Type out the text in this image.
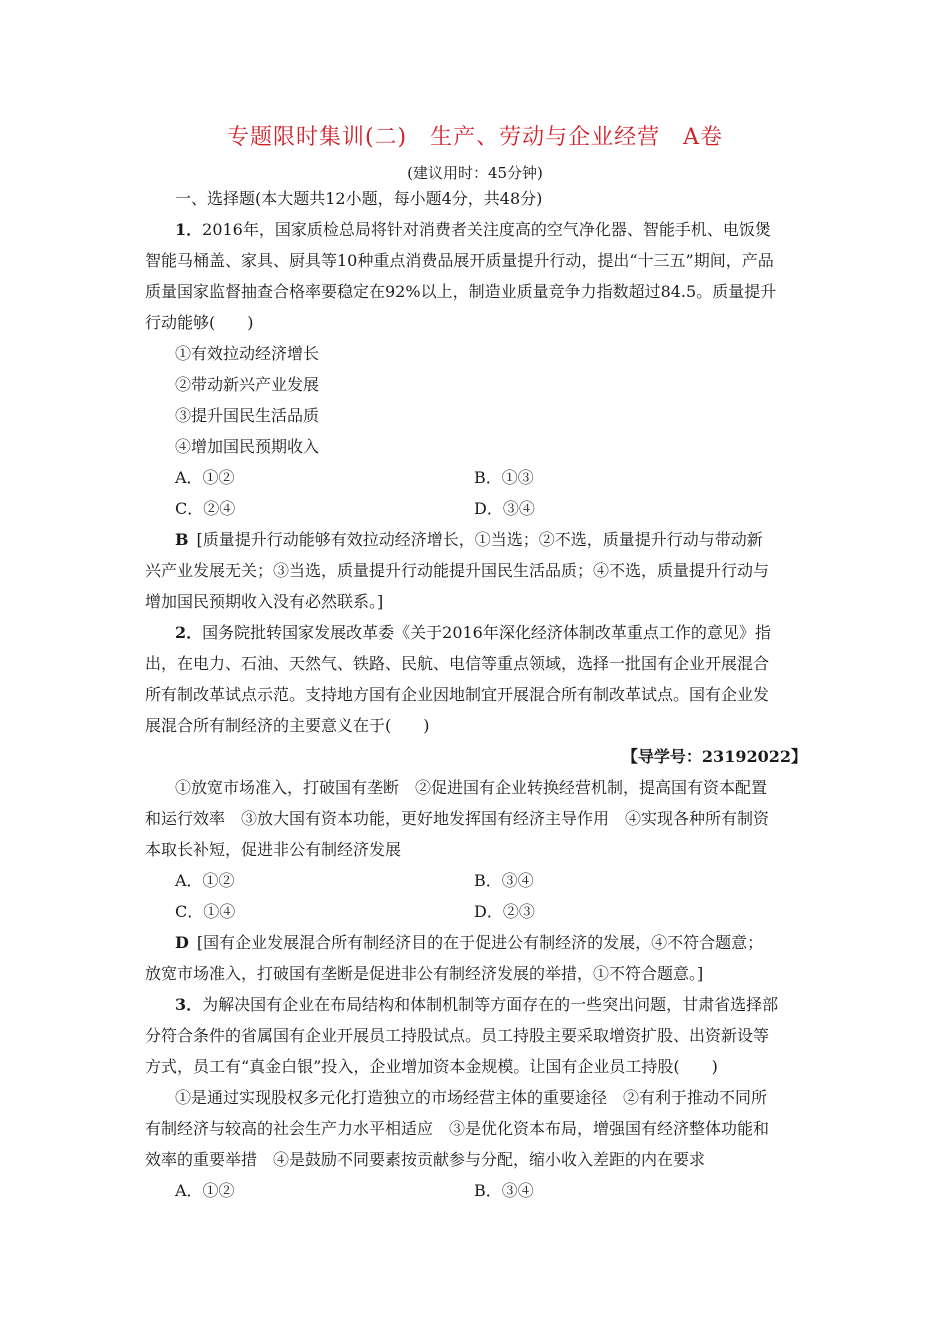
专题限时集训(二)　生产、劳动与企业经营　A卷
(建议用时：45分钟)
一、选择题(本大题共12小题，每小题4分，共48分)
1．2016年，国家质检总局将针对消费者关注度高的空气净化器、智能手机、电饭煲
智能马桶盖、家具、厨具等10种重点消费品展开质量提升行动，提出“十三五”期间，产品
质量国家监督抽查合格率要稳定在92%以上，制造业质量竞争力指数超过84.5。质量提升
行动能够(　　)
①有效拉动经济增长
②带动新兴产业发展
③提升国民生活品质
④增加国民预期收入
A．①②	B．①③
C．②④	D．③④
B  [质量提升行动能够有效拉动经济增长，①当选；②不选，质量提升行动与带动新
兴产业发展无关；③当选，质量提升行动能提升国民生活品质；④不选，质量提升行动与
增加国民预期收入没有必然联系。]
2．国务院批转国家发展改革委《关于2016年深化经济体制改革重点工作的意见》指
出，在电力、石油、天然气、铁路、民航、电信等重点领域，选择一批国有企业开展混合
所有制改革试点示范。支持地方国有企业因地制宜开展混合所有制改革试点。国有企业发
展混合所有制经济的主要意义在于(　　)
【导学号：23192022】
①放宽市场准入，打破国有垄断　②促进国有企业转换经营机制，提高国有资本配置
和运行效率　③放大国有资本功能，更好地发挥国有经济主导作用　④实现各种所有制资
本取长补短，促进非公有制经济发展
A．①②	B．③④
C．①④	D．②③
D  [国有企业发展混合所有制经济目的在于促进公有制经济的发展，④不符合题意；
放宽市场准入，打破国有垄断是促进非公有制经济发展的举措，①不符合题意。]
3．为解决国有企业在布局结构和体制机制等方面存在的一些突出问题，甘肃省选择部
分符合条件的省属国有企业开展员工持股试点。员工持股主要采取增资扩股、出资新设等
方式，员工有“真金白银”投入，企业增加资本金规模。让国有企业员工持股(　　)
①是通过实现股权多元化打造独立的市场经营主体的重要途径　②有利于推动不同所
有制经济与较高的社会生产力水平相适应　③是优化资本布局，增强国有经济整体功能和
效率的重要举措　④是鼓励不同要素按贡献参与分配，缩小收入差距的内在要求
A．①②	B．③④
